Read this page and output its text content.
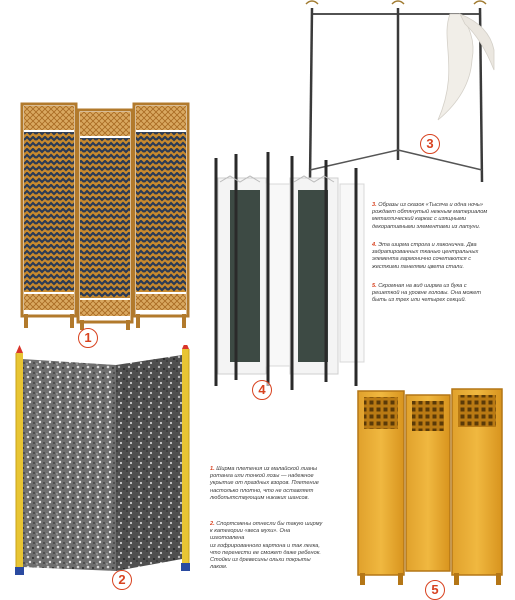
1
3
4
2
5
3. Образы из сказок «Тысяча и одна ночь»
рождает обтянутый нежным материалом
металлический каркас с изящными
декоративными элементами из латуни.
4. Эта ширма строга и лаконична. Два
задрапированных тканью центральных
элемента гармонично сочетаются с
жесткими панелями цвета стали.
5. Скромная на вид ширма из бука с
решеткой на уровне головы. Она может
быть из трех или четырех секций.
1. Ширма плетения из малайской лианы
ротанга или тонкой лозы — надежное
укрытие от праздных взоров. Плетение
настолько плотно, что не оставляет
любопытствующим никаких шансов.
2. Спортсмены отнесли бы такую ширму
к категории «весa муxи». Она
изготовлена
из гофрированного картона и так легка,
что перенести ее сможет даже ребенок.
Стойки из древесины ольхи покрыты
лаком.
